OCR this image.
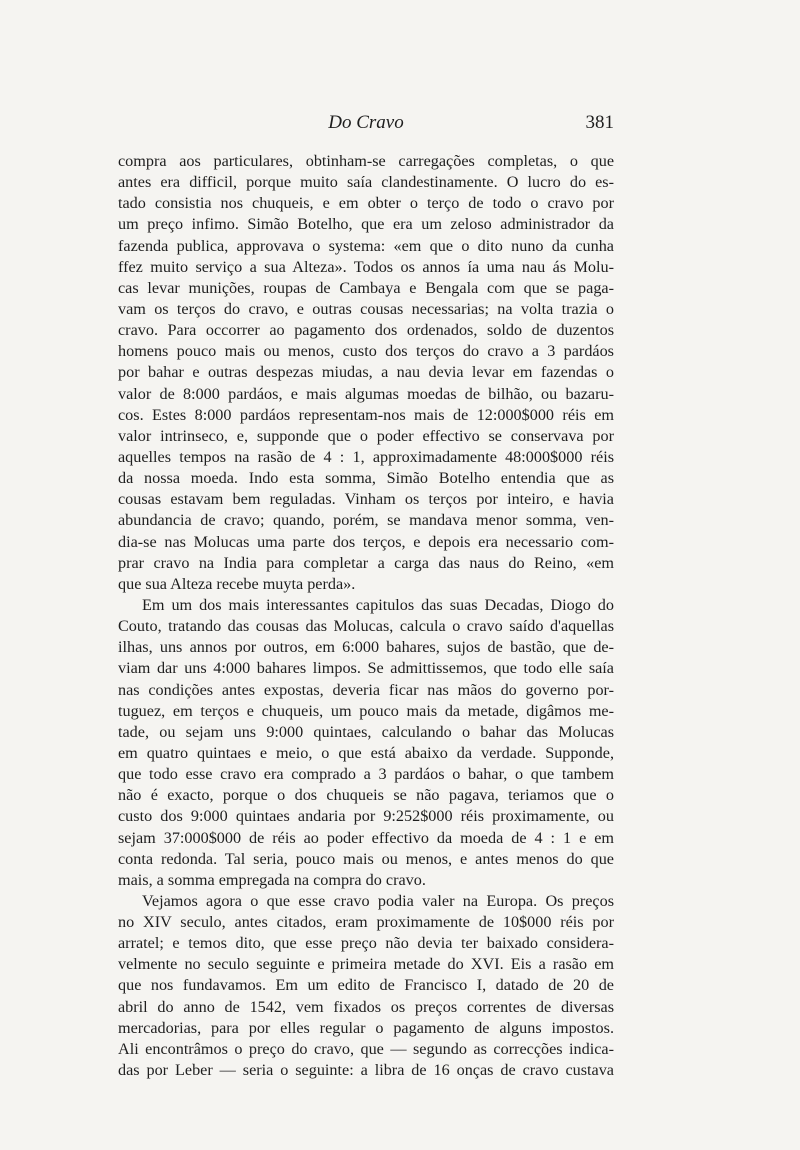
Do Cravo	381
compra aos particulares, obtinham-se carregações completas, o que
antes era difficil, porque muito saía clandestinamente. O lucro do es-
tado consistia nos chuqueis, e em obter o terço de todo o cravo por
um preço infimo. Simão Botelho, que era um zeloso administrador da
fazenda publica, approvava o systema: «em que o dito nuno da cunha
ffez muito serviço a sua Alteza». Todos os annos ía uma nau ás Molu-
cas levar munições, roupas de Cambaya e Bengala com que se paga-
vam os terços do cravo, e outras cousas necessarias; na volta trazia o
cravo. Para occorrer ao pagamento dos ordenados, soldo de duzentos
homens pouco mais ou menos, custo dos terços do cravo a 3 pardáos
por bahar e outras despezas miudas, a nau devia levar em fazendas o
valor de 8:000 pardáos, e mais algumas moedas de bilhão, ou bazaru-
cos. Estes 8:000 pardáos representam-nos mais de 12:000$000 réis em
valor intrinseco, e, supponde que o poder effectivo se conservava por
aquelles tempos na rasão de 4 : 1, approximadamente 48:000$000 réis
da nossa moeda. Indo esta somma, Simão Botelho entendia que as
cousas estavam bem reguladas. Vinham os terços por inteiro, e havia
abundancia de cravo; quando, porém, se mandava menor somma, ven-
dia-se nas Molucas uma parte dos terços, e depois era necessario com-
prar cravo na India para completar a carga das naus do Reino, «em
que sua Alteza recebe muyta perda».
Em um dos mais interessantes capitulos das suas Decadas, Diogo do
Couto, tratando das cousas das Molucas, calcula o cravo saído d'aquellas
ilhas, uns annos por outros, em 6:000 bahares, sujos de bastão, que de-
viam dar uns 4:000 bahares limpos. Se admittissemos, que todo elle saía
nas condições antes expostas, deveria ficar nas mãos do governo por-
tuguez, em terços e chuqueis, um pouco mais da metade, digâmos me-
tade, ou sejam uns 9:000 quintaes, calculando o bahar das Molucas
em quatro quintaes e meio, o que está abaixo da verdade. Supponde,
que todo esse cravo era comprado a 3 pardáos o bahar, o que tambem
não é exacto, porque o dos chuqueis se não pagava, teriamos que o
custo dos 9:000 quintaes andaria por 9:252$000 réis proximamente, ou
sejam 37:000$000 de réis ao poder effectivo da moeda de 4 : 1 e em
conta redonda. Tal seria, pouco mais ou menos, e antes menos do que
mais, a somma empregada na compra do cravo.
Vejamos agora o que esse cravo podia valer na Europa. Os preços
no XIV seculo, antes citados, eram proximamente de 10$000 réis por
arratel; e temos dito, que esse preço não devia ter baixado considera-
velmente no seculo seguinte e primeira metade do XVI. Eis a rasão em
que nos fundavamos. Em um edito de Francisco I, datado de 20 de
abril do anno de 1542, vem fixados os preços correntes de diversas
mercadorias, para por elles regular o pagamento de alguns impostos.
Ali encontrâmos o preço do cravo, que — segundo as correcções indica-
das por Leber — seria o seguinte: a libra de 16 onças de cravo custava
